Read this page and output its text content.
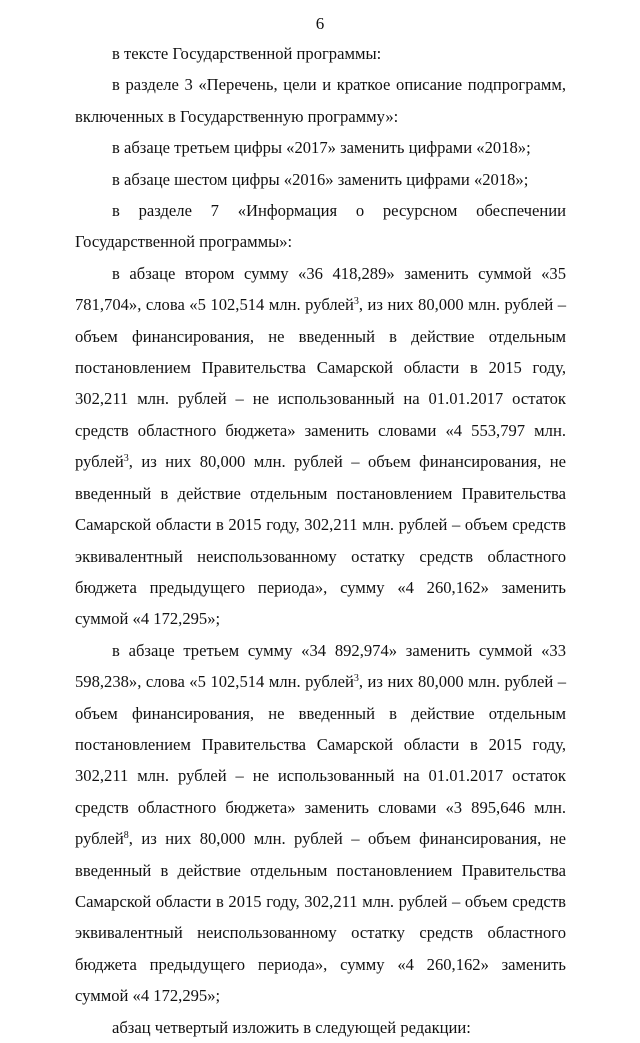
6

в тексте Государственной программы:

в разделе 3 «Перечень, цели и краткое описание подпрограмм, включенных в Государственную программу»:

в абзаце третьем цифры «2017» заменить цифрами «2018»;

в абзаце шестом цифры «2016» заменить цифрами «2018»;

в разделе 7 «Информация о ресурсном обеспечении Государственной программы»:

в абзаце втором сумму «36 418,289» заменить суммой «35 781,704», слова «5 102,514 млн. рублей$^3$, из них 80,000 млн. рублей – объем финансирования, не введенный в действие отдельным постановлением Правительства Самарской области в 2015 году, 302,211 млн. рублей – не использованный на 01.01.2017 остаток средств областного бюджета» заменить словами «4 553,797 млн. рублей$^3$, из них 80,000 млн. рублей – объем финансирования, не введенный в действие отдельным постановлением Правительства Самарской области в 2015 году, 302,211 млн. рублей – объем средств эквивалентный неиспользованному остатку средств областного бюджета предыдущего периода», сумму «4 260,162» заменить суммой «4 172,295»;

в абзаце третьем сумму «34 892,974» заменить суммой «33 598,238», слова «5 102,514 млн. рублей$^3$, из них 80,000 млн. рублей – объем финансирования, не введенный в действие отдельным постановлением Правительства Самарской области в 2015 году, 302,211 млн. рублей – не использованный на 01.01.2017 остаток средств областного бюджета» заменить словами «3 895,646 млн. рублей$^8$, из них 80,000 млн. рублей – объем финансирования, не введенный в действие отдельным постановлением Правительства Самарской области в 2015 году, 302,211 млн. рублей – объем средств эквивалентный неиспользованному остатку средств областного бюджета предыдущего периода», сумму «4 260,162» заменить суммой «4 172,295»;

абзац четвертый изложить в следующей редакции:
